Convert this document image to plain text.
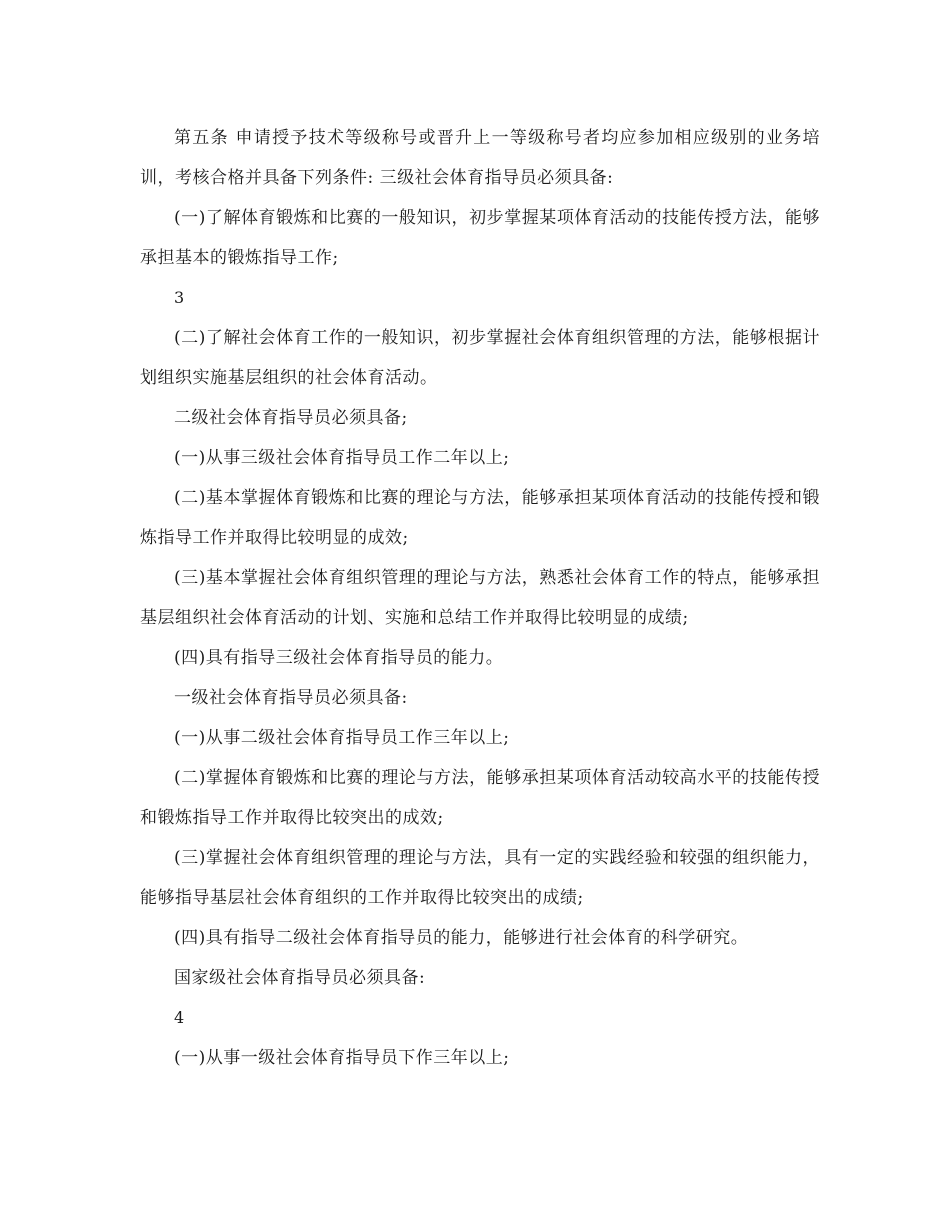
第五条 申请授予技术等级称号或晋升上一等级称号者均应参加相应级别的业务培训，考核合格并具备下列条件: 三级社会体育指导员必须具备:

(一)了解体育锻炼和比赛的一般知识，初步掌握某项体育活动的技能传授方法，能够承担基本的锻炼指导工作;

3

(二)了解社会体育工作的一般知识，初步掌握社会体育组织管理的方法，能够根据计划组织实施基层组织的社会体育活动。

二级社会体育指导员必须具备;

(一)从事三级社会体育指导员工作二年以上;

(二)基本掌握体育锻炼和比赛的理论与方法，能够承担某项体育活动的技能传授和锻炼指导工作并取得比较明显的成效;

(三)基本掌握社会体育组织管理的理论与方法，熟悉社会体育工作的特点，能够承担基层组织社会体育活动的计划、实施和总结工作并取得比较明显的成绩;

(四)具有指导三级社会体育指导员的能力。

一级社会体育指导员必须具备:

(一)从事二级社会体育指导员工作三年以上;

(二)掌握体育锻炼和比赛的理论与方法，能够承担某项体育活动较高水平的技能传授和锻炼指导工作并取得比较突出的成效;

(三)掌握社会体育组织管理的理论与方法，具有一定的实践经验和较强的组织能力，能够指导基层社会体育组织的工作并取得比较突出的成绩;

(四)具有指导二级社会体育指导员的能力，能够进行社会体育的科学研究。

国家级社会体育指导员必须具备:

4

(一)从事一级社会体育指导员下作三年以上;
